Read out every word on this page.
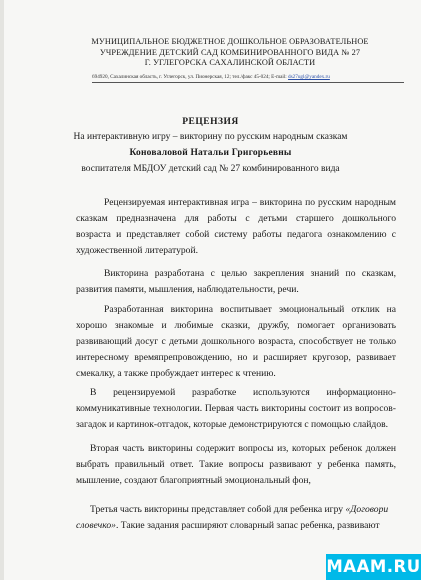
МУНИЦИПАЛЬНОЕ БЮДЖЕТНОЕ ДОШКОЛЬНОЕ ОБРАЗОВАТЕЛЬНОЕ
УЧРЕЖДЕНИЕ ДЕТСКИЙ САД КОМБИНИРОВАННОГО ВИДА № 27
Г. УГЛЕГОРСКА САХАЛИНСКОЙ ОБЛАСТИ
694920, Сахалинская область, г. Углегорск, ул. Пионерская, 12; тел./факс 45-024; E-mail: ds27ugl@yandex.ru
РЕЦЕНЗИЯ
На интерактивную игру – викторину по русским народным сказкам
Коноваловой Натальи Григорьевны
воспитателя МБДОУ детский сад № 27 комбинированного вида
Рецензируемая интерактивная игра – викторина по русским народным
сказкам предназначена для работы с детьми старшего дошкольного
возраста и представляет собой систему работы педагога ознакомлению с
художественной литературой.
Викторина разработана с целью закрепления знаний по сказкам,
развития памяти, мышления, наблюдательности, речи.
Разработанная викторина воспитывает эмоциональный отклик на
хорошо знакомые и любимые сказки, дружбу, помогает организовать
развивающий досуг с детьми дошкольного возраста, способствует не только
интересному времяпрепровождению, но и расширяет кругозор, развивает
смекалку, а также пробуждает интерес к чтению.
В рецензируемой разработке используются информационно-
коммуникативные технологии. Первая часть викторины состоит из вопросов-
загадок и картинок-отгадок, которые демонстрируются с помощью слайдов.
Вторая часть викторины содержит вопросы из, которых ребенок должен
выбрать правильный ответ. Такие вопросы развивают у ребенка память,
мышление, создают благоприятный эмоциональный фон,
Третья часть викторины представляет собой для ребенка игру «Договори
словечко». Такие задания расширяют словарный запас ребенка, развивают
MAAM.RU
